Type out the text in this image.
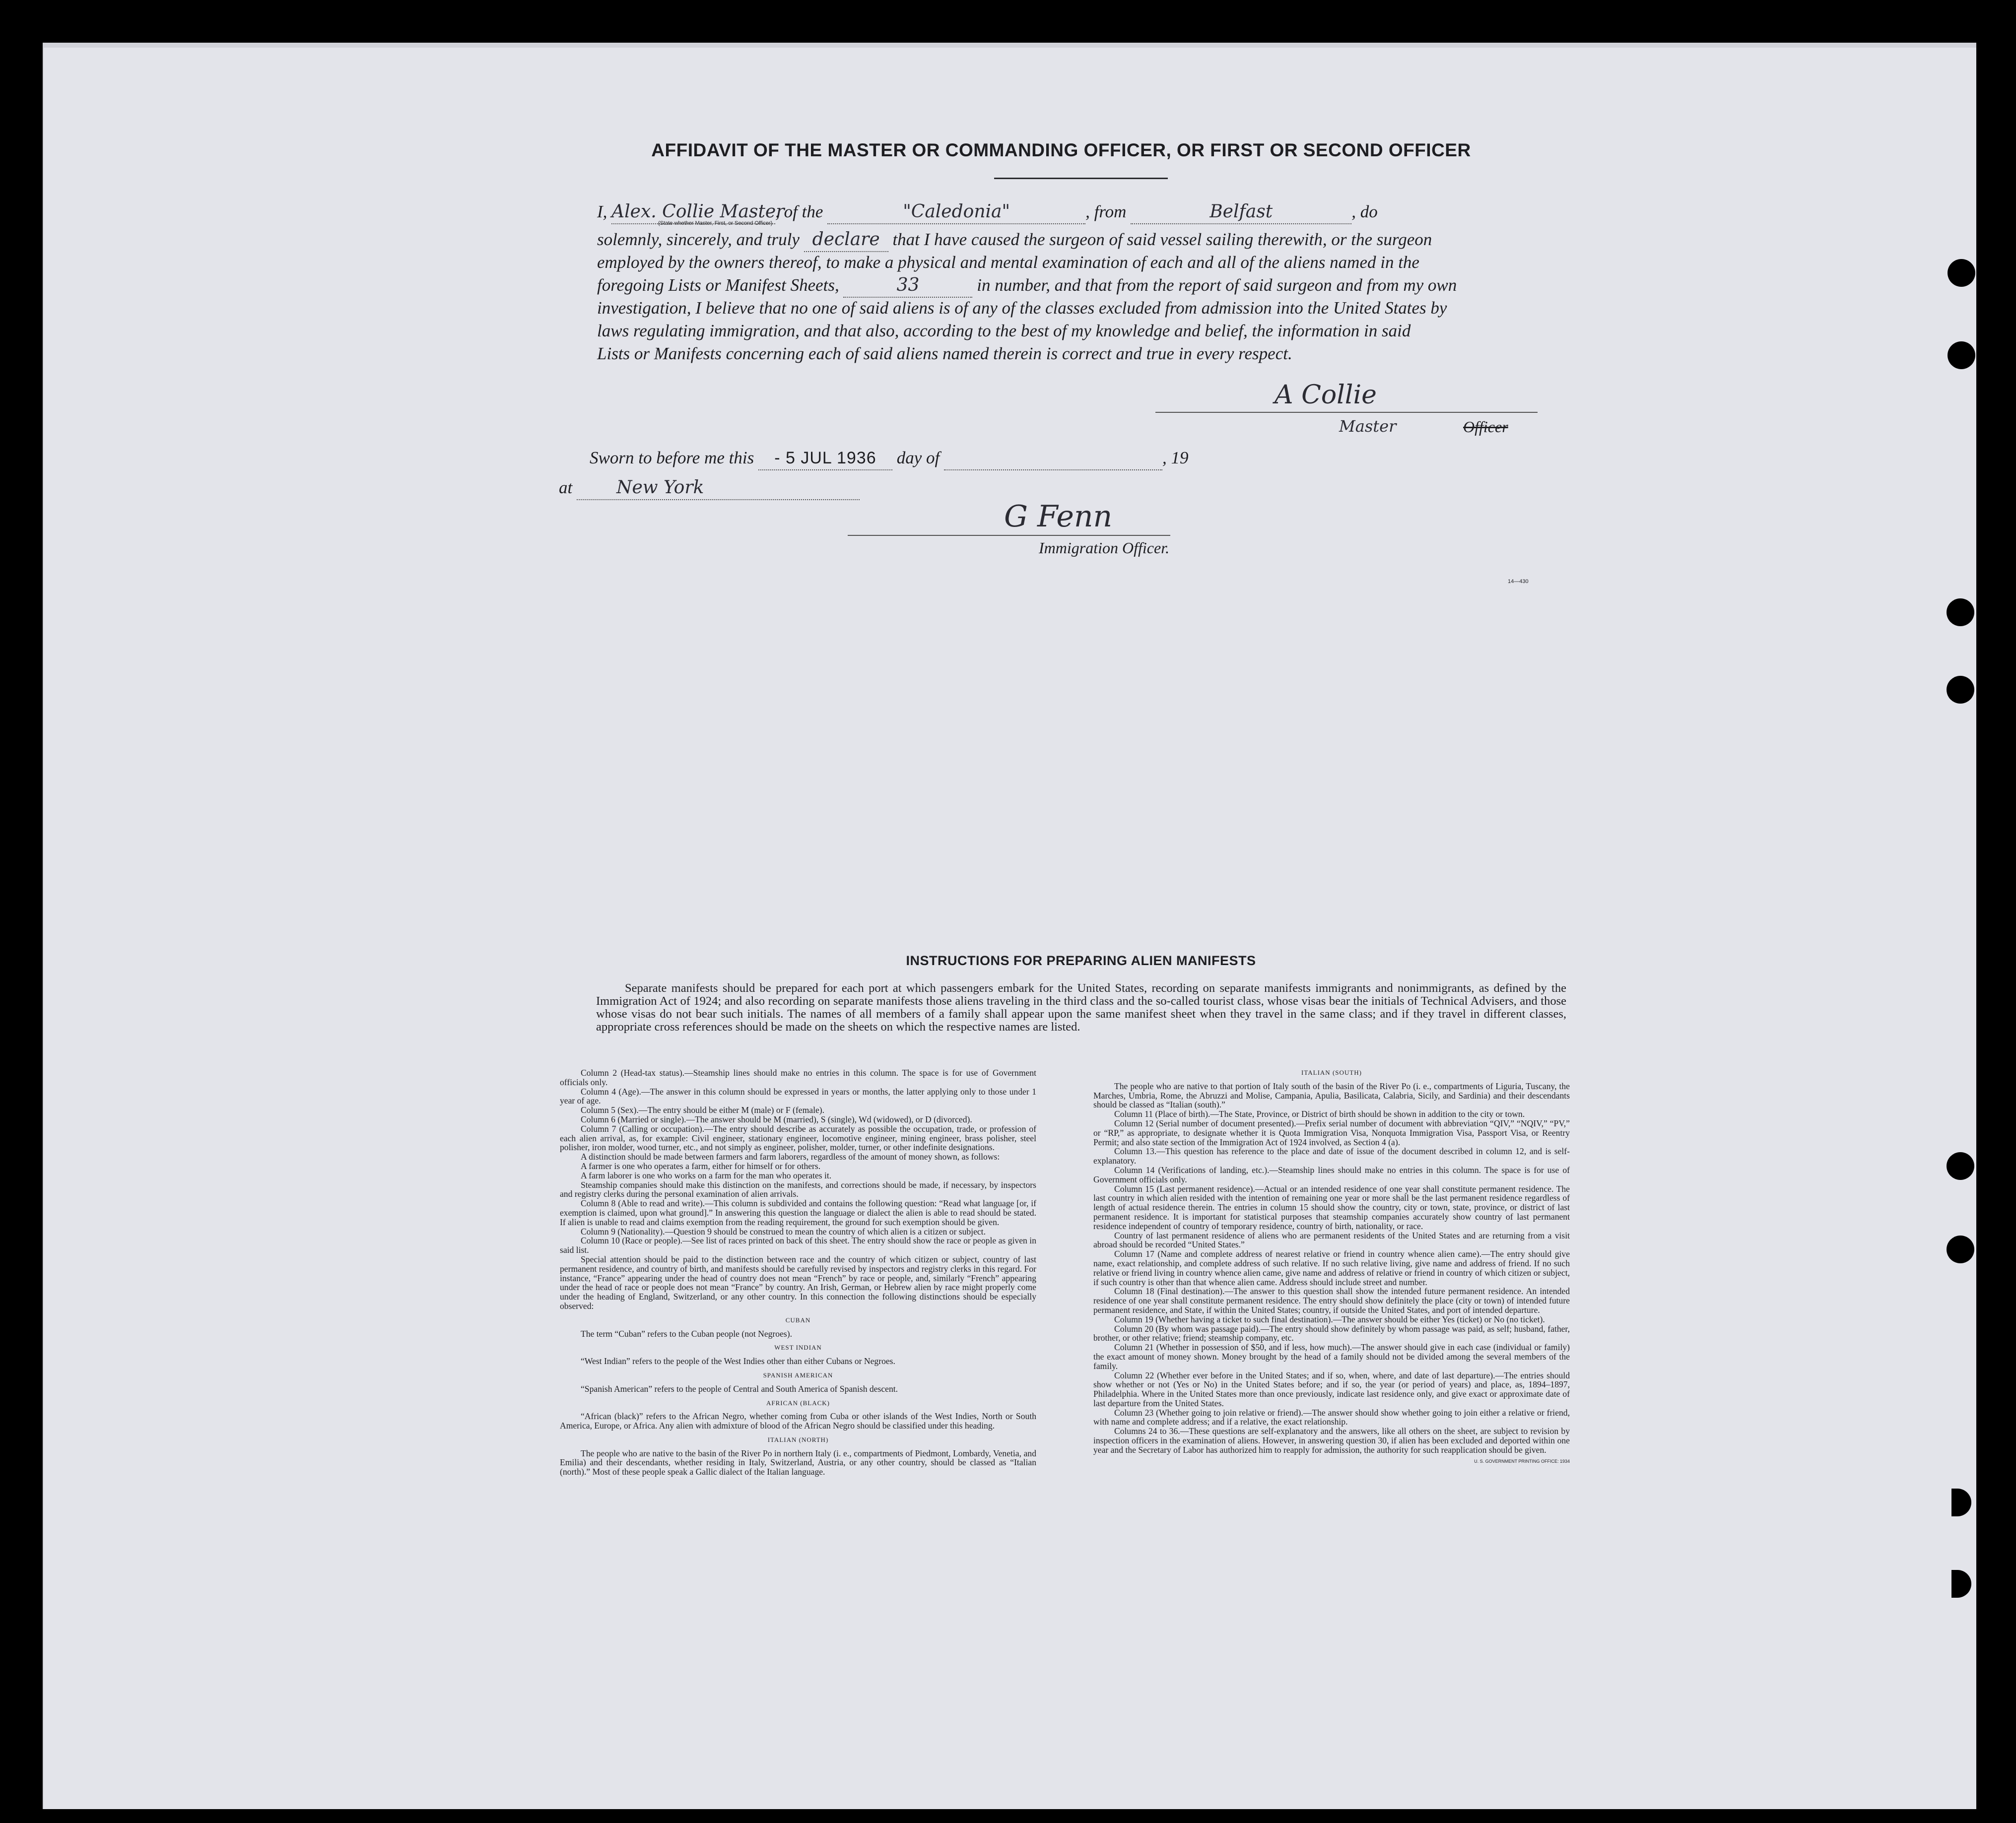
AFFIDAVIT OF THE MASTER OR COMMANDING OFFICER, OR FIRST OR SECOND OFFICER
I, Alex. Collie Master, of the	"Caledonia"	, from	Belfast	, do
(State whether Master, First, or Second Officer)
solemnly, sincerely, and truly declare that I have caused the surgeon of said vessel sailing therewith, or the surgeon
employed by the owners thereof, to make a physical and mental examination of each and all of the aliens named in the
foregoing Lists or Manifest Sheets,	33	in number, and that from the report of said surgeon and from my own
investigation, I believe that no one of said aliens is of any of the classes excluded from admission into the United States by
laws regulating immigration, and that also, according to the best of my knowledge and belief, the information in said
Lists or Manifests concerning each of said aliens named therein is correct and true in every respect.
A Collie
Master	Officer
Sworn to before me this - 5 JUL 1936 day of	, 19
at New York
G Fenn
Immigration Officer.
14—430
INSTRUCTIONS FOR PREPARING ALIEN MANIFESTS
Separate manifests should be prepared for each port at which passengers embark for the United States, recording on separate manifests immigrants and nonimmigrants, as defined by the Immigration Act of 1924; and also recording on separate manifests those aliens traveling in the third class and the so-called tourist class, whose visas bear the initials of Technical Advisers, and those whose visas do not bear such initials. The names of all members of a family shall appear upon the same manifest sheet when they travel in the same class; and if they travel in different classes, appropriate cross references should be made on the sheets on which the respective names are listed.

Column 2 (Head-tax status).—Steamship lines should make no entries in this column. The space is for use of Government officials only.

Column 4 (Age).—The answer in this column should be expressed in years or months, the latter applying only to those under 1 year of age.

Column 5 (Sex).—The entry should be either M (male) or F (female).

Column 6 (Married or single).—The answer should be M (married), S (single), Wd (widowed), or D (divorced).

Column 7 (Calling or occupation).—The entry should describe as accurately as possible the occupation, trade, or profession of each alien arrival, as, for example: Civil engineer, stationary engineer, locomotive engineer, mining engineer, brass polisher, steel polisher, iron molder, wood turner, etc., and not simply as engineer, polisher, molder, turner, or other indefinite designations.

A distinction should be made between farmers and farm laborers, regardless of the amount of money shown, as follows:

A farmer is one who operates a farm, either for himself or for others.

A farm laborer is one who works on a farm for the man who operates it.

Steamship companies should make this distinction on the manifests, and corrections should be made, if necessary, by inspectors and registry clerks during the personal examination of alien arrivals.

Column 8 (Able to read and write).—This column is subdivided and contains the following question: “Read what language [or, if exemption is claimed, upon what ground].” In answering this question the language or dialect the alien is able to read should be stated. If alien is unable to read and claims exemption from the reading requirement, the ground for such exemption should be given.

Column 9 (Nationality).—Question 9 should be construed to mean the country of which alien is a citizen or subject.

Column 10 (Race or people).—See list of races printed on back of this sheet. The entry should show the race or people as given in said list.

Special attention should be paid to the distinction between race and the country of which citizen or subject, country of last permanent residence, and country of birth, and manifests should be carefully revised by inspectors and registry clerks in this regard. For instance, “France” appearing under the head of country does not mean “French” by race or people, and, similarly “French” appearing under the head of race or people does not mean “France” by country. An Irish, German, or Hebrew alien by race might properly come under the heading of England, Switzerland, or any other country. In this connection the following distinctions should be especially observed:

CUBAN

The term “Cuban” refers to the Cuban people (not Negroes).

WEST INDIAN

“West Indian” refers to the people of the West Indies other than either Cubans or Negroes.

SPANISH AMERICAN

“Spanish American” refers to the people of Central and South America of Spanish descent.

AFRICAN (BLACK)

“African (black)” refers to the African Negro, whether coming from Cuba or other islands of the West Indies, North or South America, Europe, or Africa. Any alien with admixture of blood of the African Negro should be classified under this heading.

ITALIAN (NORTH)

The people who are native to the basin of the River Po in northern Italy (i. e., compartments of Piedmont, Lombardy, Venetia, and Emilia) and their descendants, whether residing in Italy, Switzerland, Austria, or any other country, should be classed as “Italian (north).” Most of these people speak a Gallic dialect of the Italian language.

ITALIAN (SOUTH)

The people who are native to that portion of Italy south of the basin of the River Po (i. e., compartments of Liguria, Tuscany, the Marches, Umbria, Rome, the Abruzzi and Molise, Campania, Apulia, Basilicata, Calabria, Sicily, and Sardinia) and their descendants should be classed as “Italian (south).”

Column 11 (Place of birth).—The State, Province, or District of birth should be shown in addition to the city or town.

Column 12 (Serial number of document presented).—Prefix serial number of document with abbreviation “QIV,” “NQIV,” “PV,” or “RP,” as appropriate, to designate whether it is Quota Immigration Visa, Nonquota Immigration Visa, Passport Visa, or Reentry Permit; and also state section of the Immigration Act of 1924 involved, as Section 4 (a).

Column 13.—This question has reference to the place and date of issue of the document described in column 12, and is self-explanatory.

Column 14 (Verifications of landing, etc.).—Steamship lines should make no entries in this column. The space is for use of Government officials only.

Column 15 (Last permanent residence).—Actual or an intended residence of one year shall constitute permanent residence. The last country in which alien resided with the intention of remaining one year or more shall be the last permanent residence regardless of length of actual residence therein. The entries in column 15 should show the country, city or town, state, province, or district of last permanent residence. It is important for statistical purposes that steamship companies accurately show country of last permanent residence independent of country of temporary residence, country of birth, nationality, or race.

Country of last permanent residence of aliens who are permanent residents of the United States and are returning from a visit abroad should be recorded “United States.”

Column 17 (Name and complete address of nearest relative or friend in country whence alien came).—The entry should give name, exact relationship, and complete address of such relative. If no such relative living, give name and address of friend. If no such relative or friend living in country whence alien came, give name and address of relative or friend in country of which citizen or subject, if such country is other than that whence alien came. Address should include street and number.

Column 18 (Final destination).—The answer to this question shall show the intended future permanent residence. An intended residence of one year shall constitute permanent residence. The entry should show definitely the place (city or town) of intended future permanent residence, and State, if within the United States; country, if outside the United States, and port of intended departure.

Column 19 (Whether having a ticket to such final destination).—The answer should be either Yes (ticket) or No (no ticket).

Column 20 (By whom was passage paid).—The entry should show definitely by whom passage was paid, as self; husband, father, brother, or other relative; friend; steamship company, etc.

Column 21 (Whether in possession of $50, and if less, how much).—The answer should give in each case (individual or family) the exact amount of money shown. Money brought by the head of a family should not be divided among the several members of the family.

Column 22 (Whether ever before in the United States; and if so, when, where, and date of last departure).—The entries should show whether or not (Yes or No) in the United States before; and if so, the year (or period of years) and place, as, 1894–1897, Philadelphia. Where in the United States more than once previously, indicate last residence only, and give exact or approximate date of last departure from the United States.

Column 23 (Whether going to join relative or friend).—The answer should show whether going to join either a relative or friend, with name and complete address; and if a relative, the exact relationship.

Columns 24 to 36.—These questions are self-explanatory and the answers, like all others on the sheet, are subject to revision by inspection officers in the examination of aliens. However, in answering question 30, if alien has been excluded and deported within one year and the Secretary of Labor has authorized him to reapply for admission, the authority for such reapplication should be given.

U. S. GOVERNMENT PRINTING OFFICE: 1934
